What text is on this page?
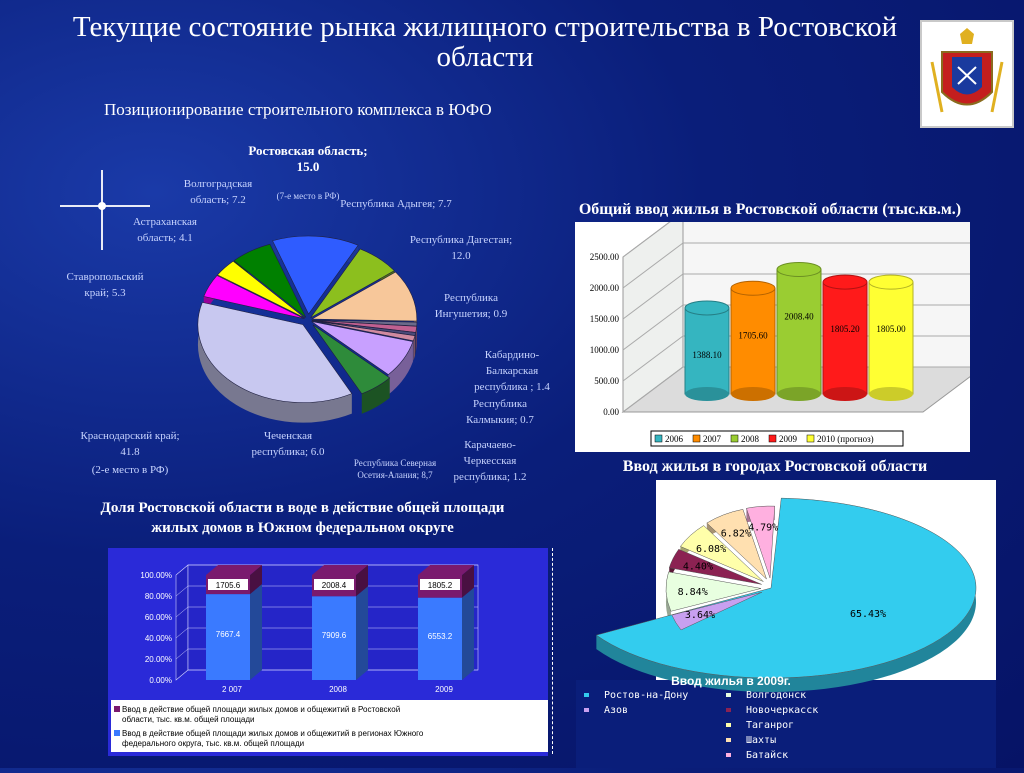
Текущие состояние рынка жилищного строительства в Ростовской области
Позиционирование строительного комплекса в ЮФО
Ростовская область; 15.0
(7-е место в РФ)
Республика Адыгея; 7.7
Республика Дагестан; 12.0
Республика Ингушетия; 0.9
Кабардино-Балкарская республика ; 1.4
Республика Калмыкия; 0.7
Карачаево-Черкесская республика; 1.2
Республика Северная Осетия-Алания; 8,7
Чеченская республика; 6.0
Краснодарский край; 41.8
(2-е место в РФ)
Ставропольский край; 5.3
Астраханская область; 4.1
Волгоградская область; 7.2
Общий ввод жилья в Ростовской области (тыс.кв.м.)
0.00
500.00
1000.00
1500.00
2000.00
2500.00
1388.10
1705.60
2008.40
1805.20 1805.00
2006 2007 2008 2009 2010 (прогноз)
Доля Ростовской области в воде в действие общей площади жилых домов в Южном федеральном округе
0.00%
20.00%
40.00%
60.00%
80.00%
100.00%
1705.6
7667.4
2 007
2008.4
7909.6
2008
1805.2
6553.2
2009
Ввод в действие общей площади жилых домов и общежитий в Ростовской области, тыс. кв.м. общей площади
Ввод в действие общей площади жилых домов и общежитий в регионах Южного федерального округа, тыс. кв.м. общей площади
Ввод жилья в городах Ростовской области
65.43%
3.64%
8.84%
4.40%
6.08%
6.82%
4.79%
Ввод жилья в 2009г.
Ростов-на-Дону	Волгодонск
Азов	Новочеркасск
Таганрог
Шахты
Батайск
